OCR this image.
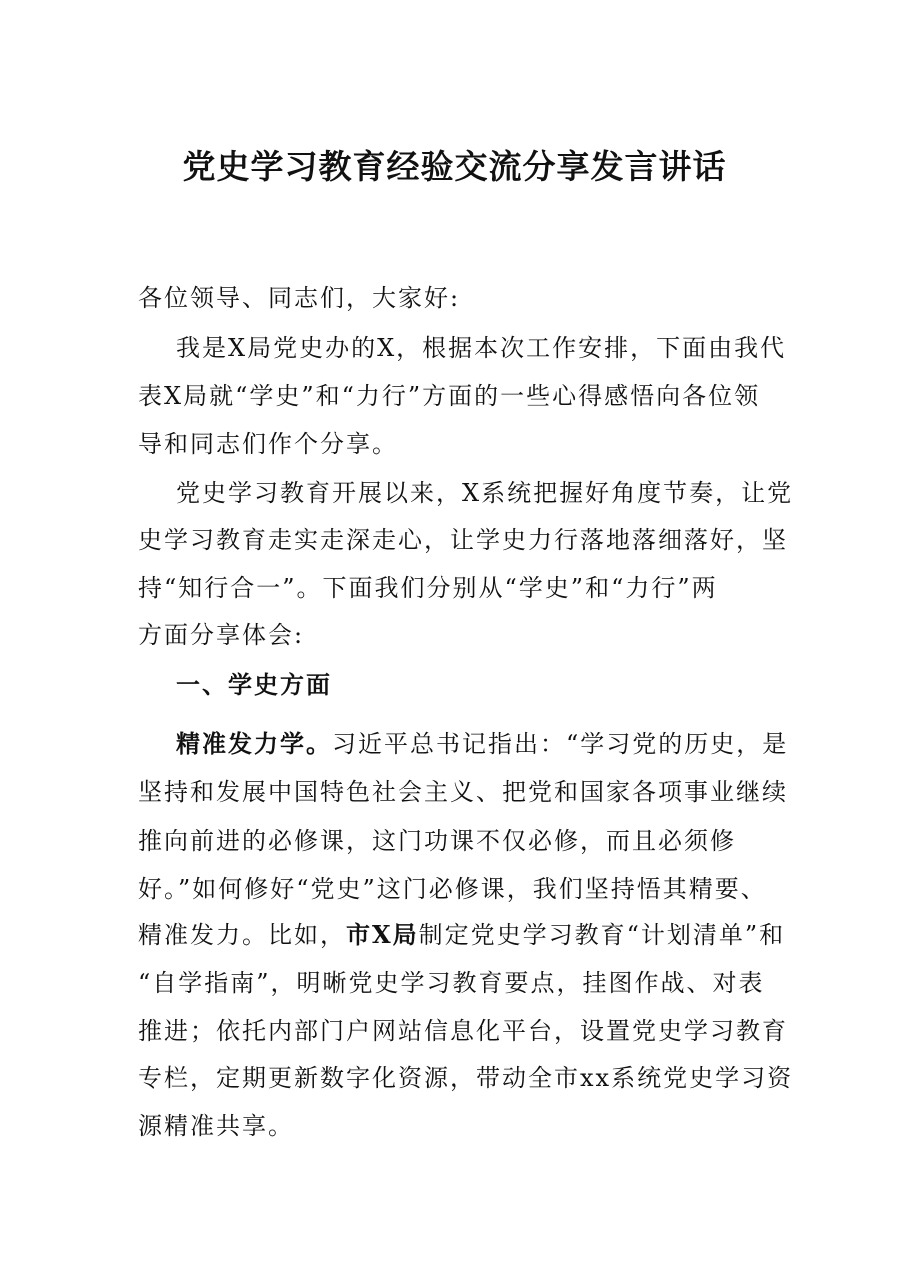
党史学习教育经验交流分享发言讲话
各位领导、同志们，大家好:
我是X局党史办的X，根据本次工作安排，下面由我代
表X局就“学史”和“力行”方面的一些心得感悟向各位领
导和同志们作个分享。
党史学习教育开展以来，X系统把握好角度节奏，让党
史学习教育走实走深走心，让学史力行落地落细落好，坚
持“知行合一”。下面我们分别从“学史”和“力行”两
方面分享体会:
一、学史方面
精准发力学。习近平总书记指出：“学习党的历史，是
坚持和发展中国特色社会主义、把党和国家各项事业继续
推向前进的必修课，这门功课不仅必修，而且必须修
好。”如何修好“党史”这门必修课，我们坚持悟其精要、
精准发力。比如，市X局制定党史学习教育“计划清单”和
“自学指南”，明晰党史学习教育要点，挂图作战、对表
推进；依托内部门户网站信息化平台，设置党史学习教育
专栏，定期更新数字化资源，带动全市xx系统党史学习资
源精准共享。
